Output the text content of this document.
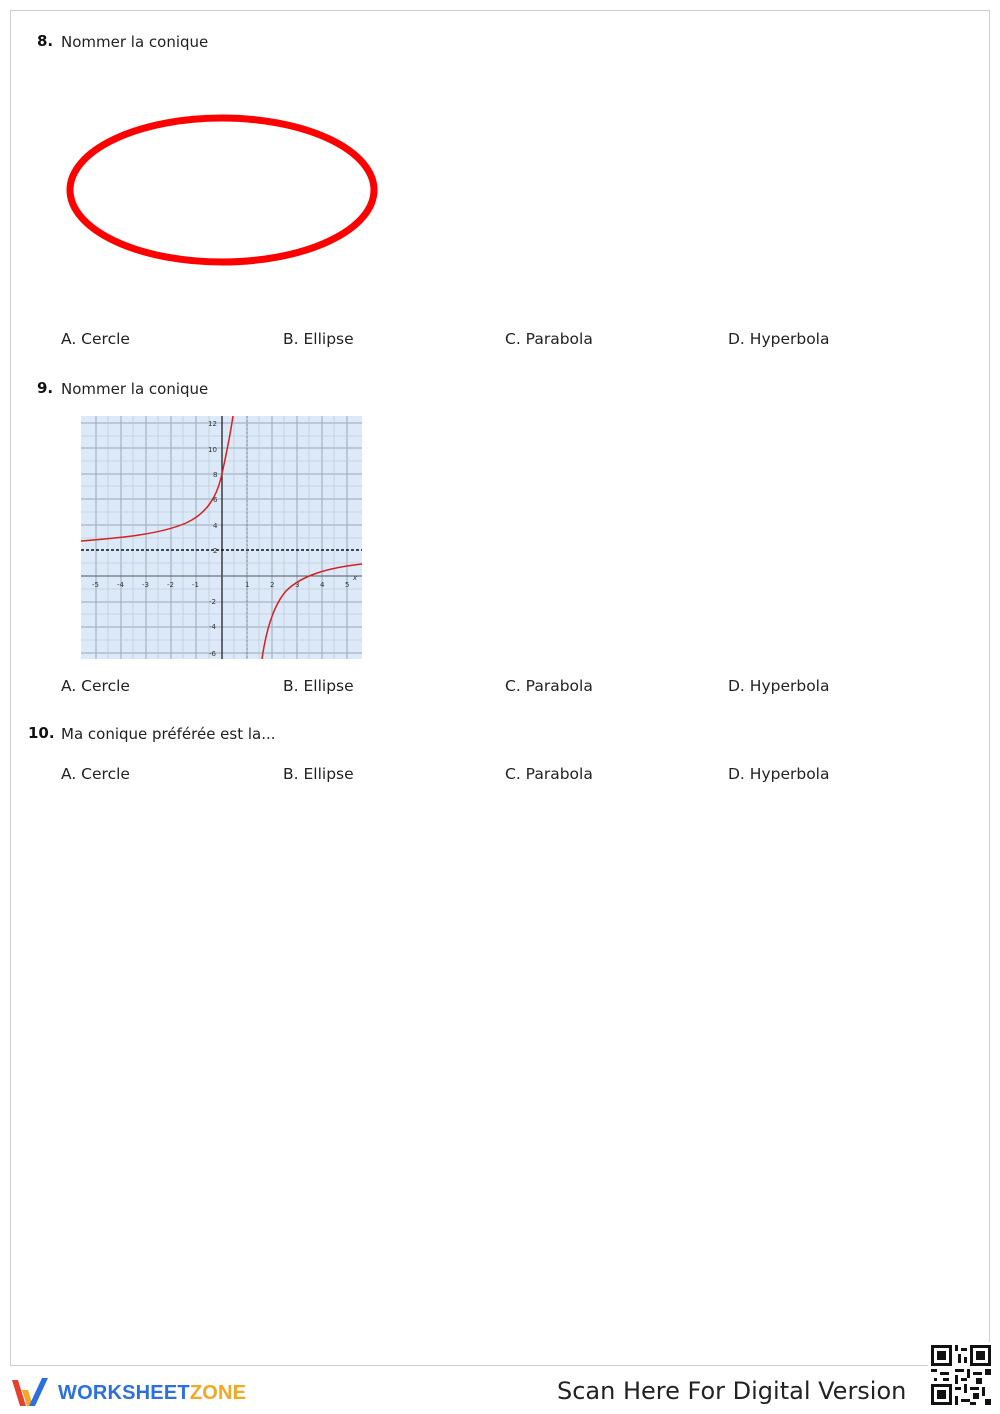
8. Nommer la conique
A. Cercle	B. Ellipse	C. Parabola	D. Hyperbola
9. Nommer la conique
-5	-4	-3	-2	-1	1	2	3	4	5
x
12
10
8
6
4
2
-2
-4
-6
A. Cercle	B. Ellipse	C. Parabola	D. Hyperbola
10. Ma conique préférée est la...
A. Cercle	B. Ellipse	C. Parabola	D. Hyperbola
WORKSHEETZONE	Scan Here For Digital Version
